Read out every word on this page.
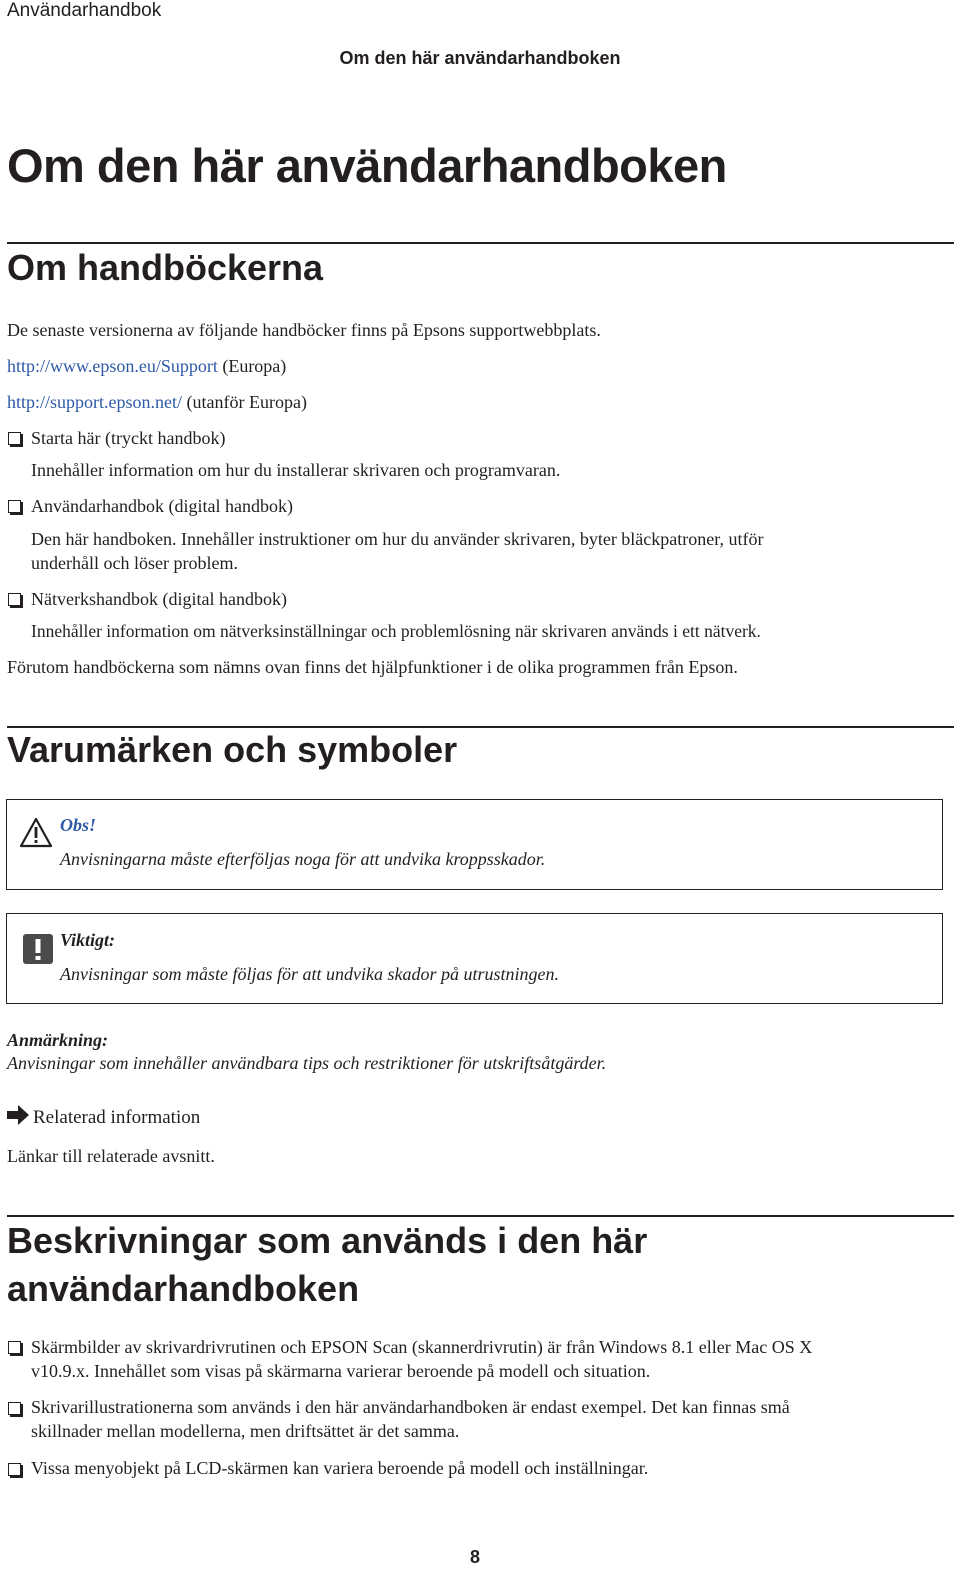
Användarhandbok
Om den här användarhandboken
Om den här användarhandboken
Om handböckerna
De senaste versionerna av följande handböcker finns på Epsons supportwebbplats.
http://www.epson.eu/Support (Europa)
http://support.epson.net/ (utanför Europa)
Starta här (tryckt handbok)
Innehåller information om hur du installerar skrivaren och programvaran.
Användarhandbok (digital handbok)
Den här handboken. Innehåller instruktioner om hur du använder skrivaren, byter bläckpatroner, utför
underhåll och löser problem.
Nätverkshandbok (digital handbok)
Innehåller information om nätverksinställningar och problemlösning när skrivaren används i ett nätverk.
Förutom handböckerna som nämns ovan finns det hjälpfunktioner i de olika programmen från Epson.
Varumärken och symboler
Obs!
Anvisningarna måste efterföljas noga för att undvika kroppsskador.
Viktigt:
Anvisningar som måste följas för att undvika skador på utrustningen.
Anmärkning:
Anvisningar som innehåller användbara tips och restriktioner för utskriftsåtgärder.
Relaterad information
Länkar till relaterade avsnitt.
Beskrivningar som används i den här
användarhandboken
Skärmbilder av skrivardrivrutinen och EPSON Scan (skannerdrivrutin) är från Windows 8.1 eller Mac OS X
v10.9.x. Innehållet som visas på skärmarna varierar beroende på modell och situation.
Skrivarillustrationerna som används i den här användarhandboken är endast exempel. Det kan finnas små
skillnader mellan modellerna, men driftsättet är det samma.
Vissa menyobjekt på LCD-skärmen kan variera beroende på modell och inställningar.
8
